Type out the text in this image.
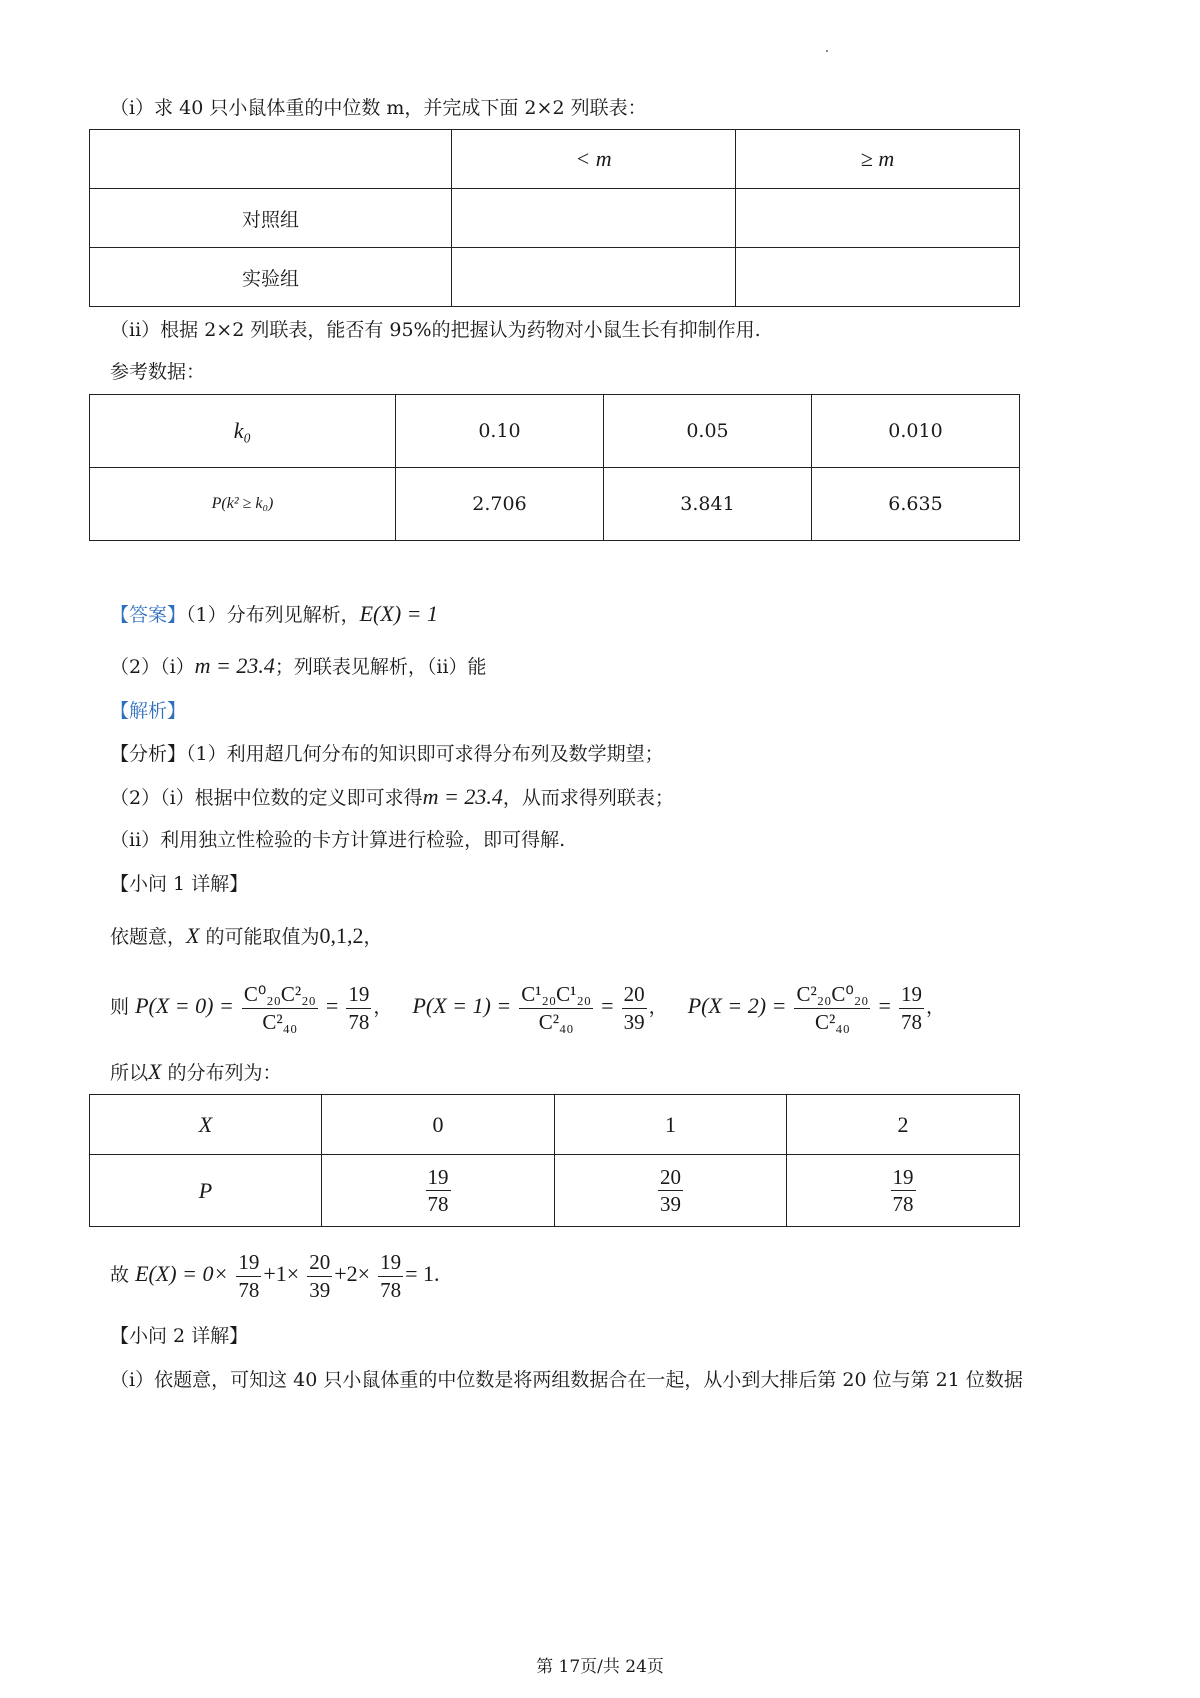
（i）求 40 只小鼠体重的中位数 m，并完成下面 2×2 列联表：
	< m	≥ m
对照组		
实验组		
（ii）根据 2×2 列联表，能否有 95%的把握认为药物对小鼠生长有抑制作用.
参考数据：
k₀	0.10	0.05	0.010
P(k² ≥ k₀)	2.706	3.841	6.635
【答案】（1）分布列见解析，E(X) = 1
（2）（i）m = 23.4；列联表见解析，（ii）能
【解析】
【分析】（1）利用超几何分布的知识即可求得分布列及数学期望；
（2）（i）根据中位数的定义即可求得m = 23.4，从而求得列联表；
（ii）利用独立性检验的卡方计算进行检验，即可得解.
【小问 1 详解】
依题意，X 的可能取值为0,1,2，
则 $P(X = 0) = \frac{\text{C⁰₂₀C²₂₀}}{\text{C²₄₀}} = \frac{19}{78}$ ， $P(X = 1) = \frac{\text{C¹₂₀C¹₂₀}}{\text{C²₄₀}} = \frac{20}{39}$ ， $P(X = 2) = \frac{\text{C²₂₀C⁰₂₀}}{\text{C²₄₀}} = \frac{19}{78}$ ，
所以X 的分布列为：
X	0	1	2
P	$\frac{19}{78}$	$\frac{20}{39}$	$\frac{19}{78}$
故 $E(X) = 0\times \frac{19}{78} +1\times \frac{20}{39} +2\times \frac{19}{78} = 1$.
【小问 2 详解】
（i）依题意，可知这 40 只小鼠体重的中位数是将两组数据合在一起，从小到大排后第 20 位与第 21 位数据
第 17页/共 24页
